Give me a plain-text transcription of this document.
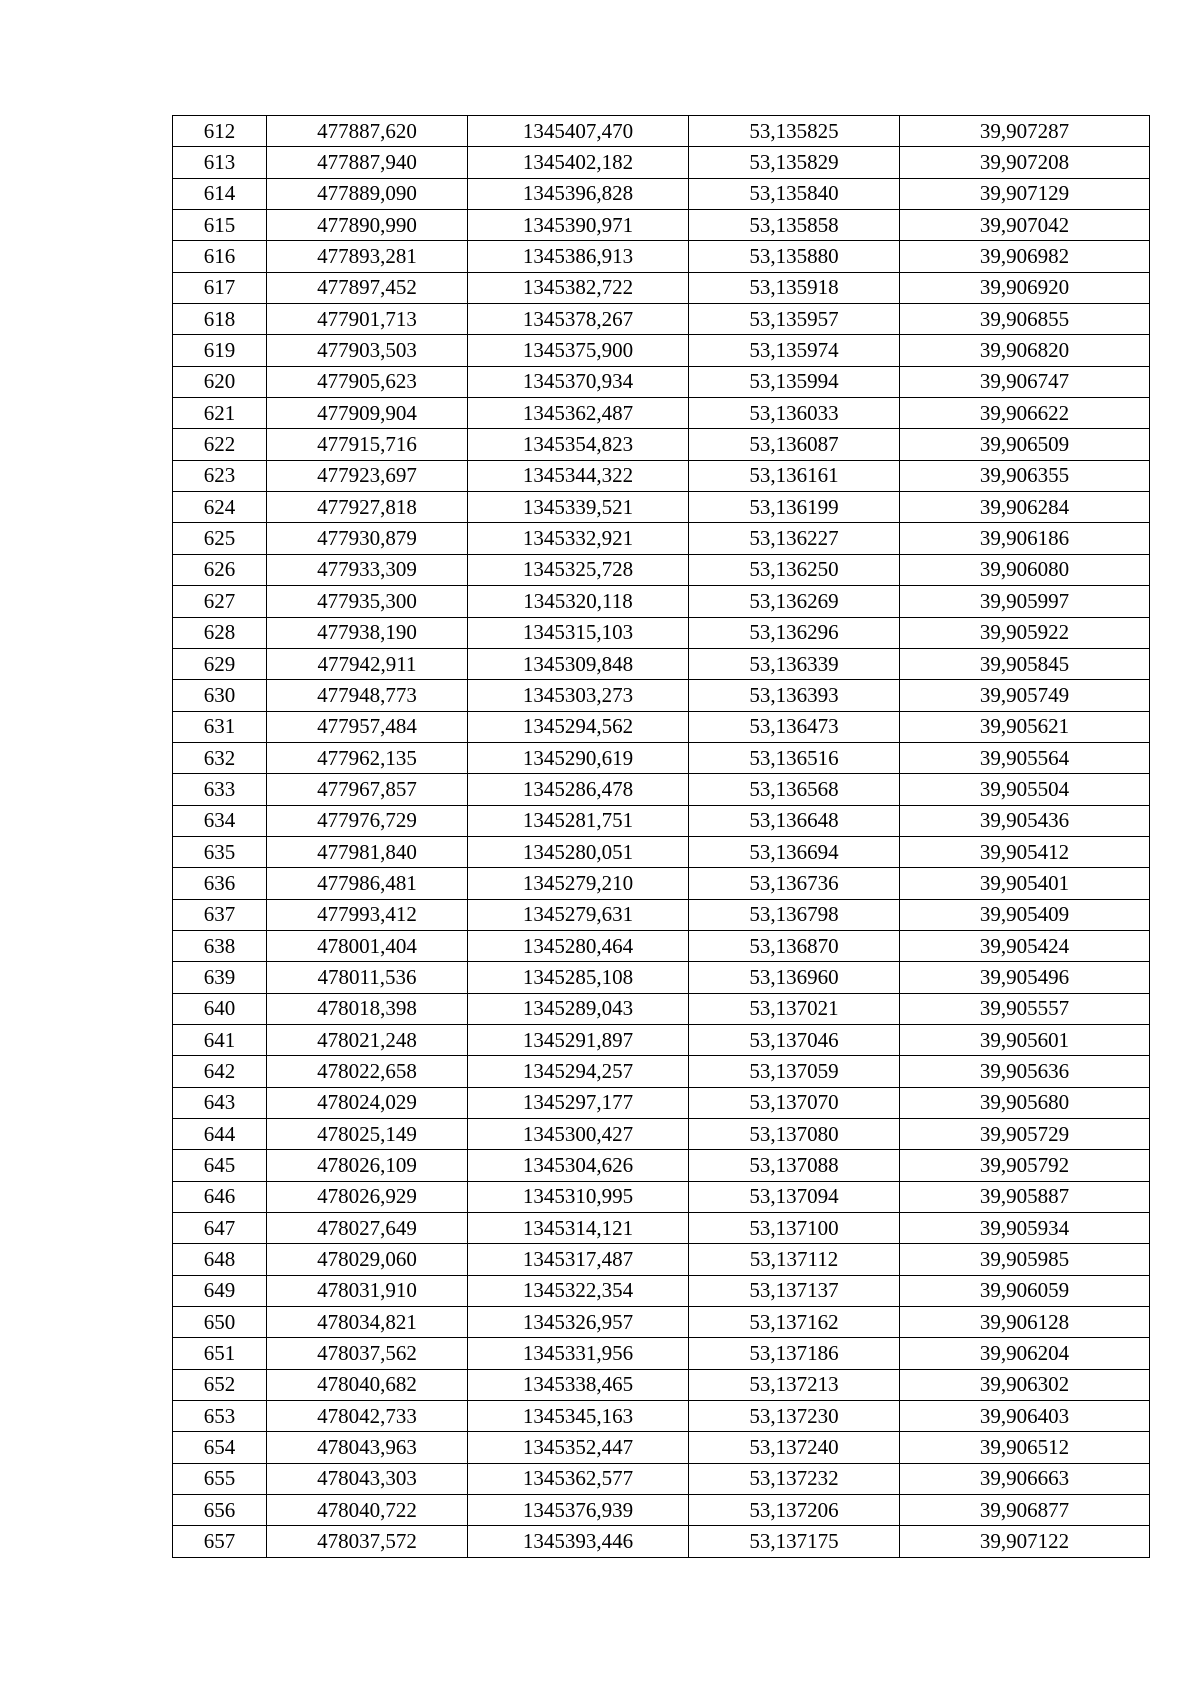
612	477887,620	1345407,470	53,135825	39,907287
613	477887,940	1345402,182	53,135829	39,907208
614	477889,090	1345396,828	53,135840	39,907129
615	477890,990	1345390,971	53,135858	39,907042
616	477893,281	1345386,913	53,135880	39,906982
617	477897,452	1345382,722	53,135918	39,906920
618	477901,713	1345378,267	53,135957	39,906855
619	477903,503	1345375,900	53,135974	39,906820
620	477905,623	1345370,934	53,135994	39,906747
621	477909,904	1345362,487	53,136033	39,906622
622	477915,716	1345354,823	53,136087	39,906509
623	477923,697	1345344,322	53,136161	39,906355
624	477927,818	1345339,521	53,136199	39,906284
625	477930,879	1345332,921	53,136227	39,906186
626	477933,309	1345325,728	53,136250	39,906080
627	477935,300	1345320,118	53,136269	39,905997
628	477938,190	1345315,103	53,136296	39,905922
629	477942,911	1345309,848	53,136339	39,905845
630	477948,773	1345303,273	53,136393	39,905749
631	477957,484	1345294,562	53,136473	39,905621
632	477962,135	1345290,619	53,136516	39,905564
633	477967,857	1345286,478	53,136568	39,905504
634	477976,729	1345281,751	53,136648	39,905436
635	477981,840	1345280,051	53,136694	39,905412
636	477986,481	1345279,210	53,136736	39,905401
637	477993,412	1345279,631	53,136798	39,905409
638	478001,404	1345280,464	53,136870	39,905424
639	478011,536	1345285,108	53,136960	39,905496
640	478018,398	1345289,043	53,137021	39,905557
641	478021,248	1345291,897	53,137046	39,905601
642	478022,658	1345294,257	53,137059	39,905636
643	478024,029	1345297,177	53,137070	39,905680
644	478025,149	1345300,427	53,137080	39,905729
645	478026,109	1345304,626	53,137088	39,905792
646	478026,929	1345310,995	53,137094	39,905887
647	478027,649	1345314,121	53,137100	39,905934
648	478029,060	1345317,487	53,137112	39,905985
649	478031,910	1345322,354	53,137137	39,906059
650	478034,821	1345326,957	53,137162	39,906128
651	478037,562	1345331,956	53,137186	39,906204
652	478040,682	1345338,465	53,137213	39,906302
653	478042,733	1345345,163	53,137230	39,906403
654	478043,963	1345352,447	53,137240	39,906512
655	478043,303	1345362,577	53,137232	39,906663
656	478040,722	1345376,939	53,137206	39,906877
657	478037,572	1345393,446	53,137175	39,907122
